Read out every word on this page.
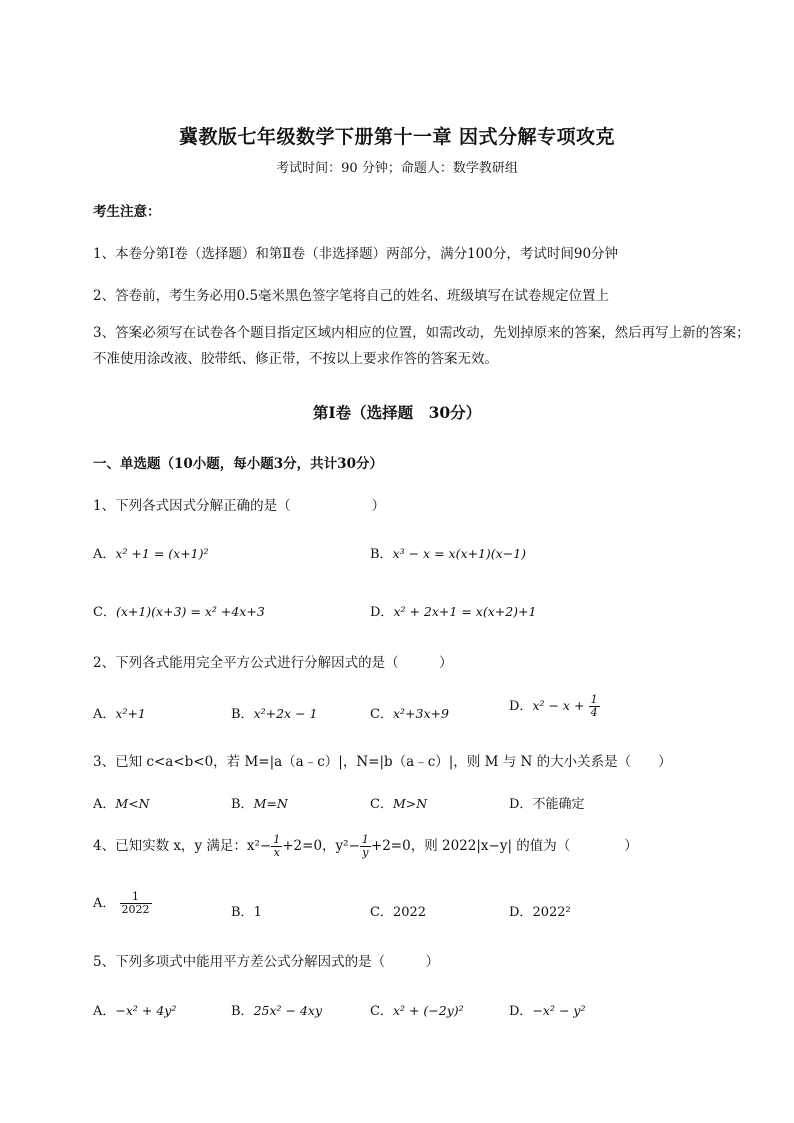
冀教版七年级数学下册第十一章 因式分解专项攻克
考试时间：90 分钟；命题人：数学教研组
考生注意：
1、本卷分第I卷（选择题）和第Ⅱ卷（非选择题）两部分，满分100分，考试时间90分钟
2、答卷前，考生务必用0.5毫米黑色签字笔将自己的姓名、班级填写在试卷规定位置上
3、答案必须写在试卷各个题目指定区域内相应的位置，如需改动，先划掉原来的答案，然后再写上新的答案；不准使用涂改液、胶带纸、修正带，不按以上要求作答的答案无效。
第I卷（选择题　30分）
一、单选题（10小题，每小题3分，共计30分）
1、下列各式因式分解正确的是（　　　　　　）
A．x² +1 = (x+1)²	B．x³ − x = x(x+1)(x−1)
C．(x+1)(x+3) = x² +4x+3	D．x² + 2x+1 = x(x+2)+1
2、下列各式能用完全平方公式进行分解因式的是（　　　）
A．x²+1	B．x²+2x − 1	C．x²+3x+9	D．$x^2 - x + \frac{1}{4}$
3、已知 c<a<b<0，若 M=|a（a﹣c）|，N=|b（a﹣c）|，则 M 与 N 的大小关系是（　　）
A．M<N	B．M=N	C．M>N	D．不能确定
4、已知实数 x，y 满足：$x^2- \frac{1}{x} +2=0$，$y^2- \frac{1}{y} +2=0$，则 2022|x−y| 的值为（　　　　）
A． $\frac{1}{2022}$	B．1	C．2022	D．2022²
5、下列多项式中能用平方差公式分解因式的是（　　　）
A．−x² + 4y²	B．25x² − 4xy	C．x² + (−2y)²	D．−x² − y²
